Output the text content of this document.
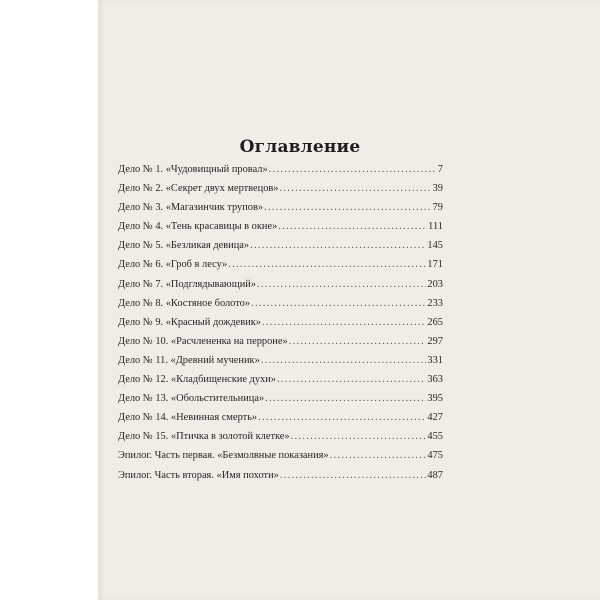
Оглавление
Дело № 1. «Чудовищный провал» .....	7
Дело № 2. «Секрет двух мертвецов» .....	39
Дело № 3. «Магазинчик трупов» .....	79
Дело № 4. «Тень красавицы в окне» .....	111
Дело № 5. «Безликая девица» .....	145
Дело № 6. «Гроб в лесу» .....	171
Дело № 7. «Подглядывающий» .....	203
Дело № 8. «Костяное болото» .....	233
Дело № 9. «Красный дождевик» .....	265
Дело № 10. «Расчлененка на перроне» .....	297
Дело № 11. «Древний мученик» .....	331
Дело № 12. «Кладбищенские духи» .....	363
Дело № 13. «Обольстительница» .....	395
Дело № 14. «Невинная смерть» .....	427
Дело № 15. «Птичка в золотой клетке» .....	455
Эпилог. Часть первая. «Безмолвные показания» .....	475
Эпилог. Часть вторая. «Имя похоти» .....	487
